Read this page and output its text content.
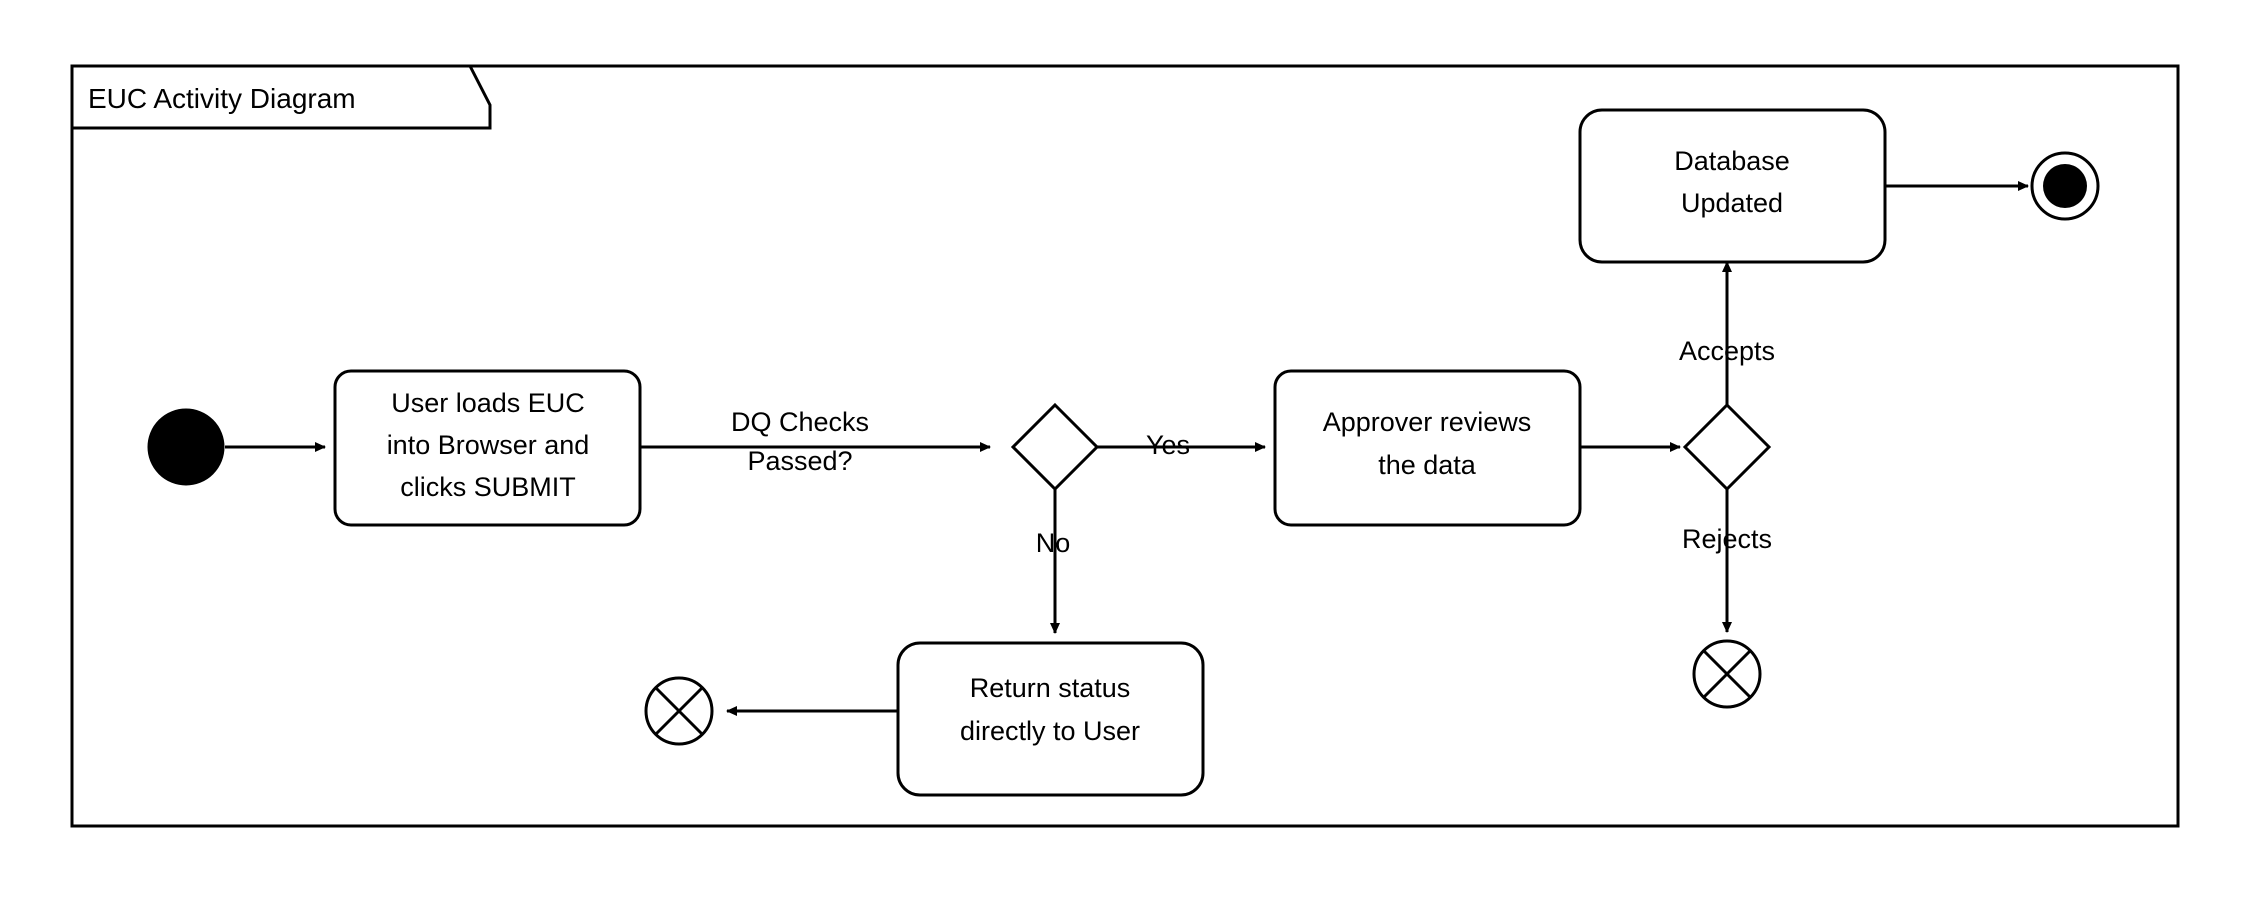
EUC Activity Diagram
User loads EUC
into Browser and
clicks SUBMIT
DQ Checks
Passed?
Yes
No
Approver reviews
the data
Accepts
Rejects
Database
Updated
Return status
directly to User
